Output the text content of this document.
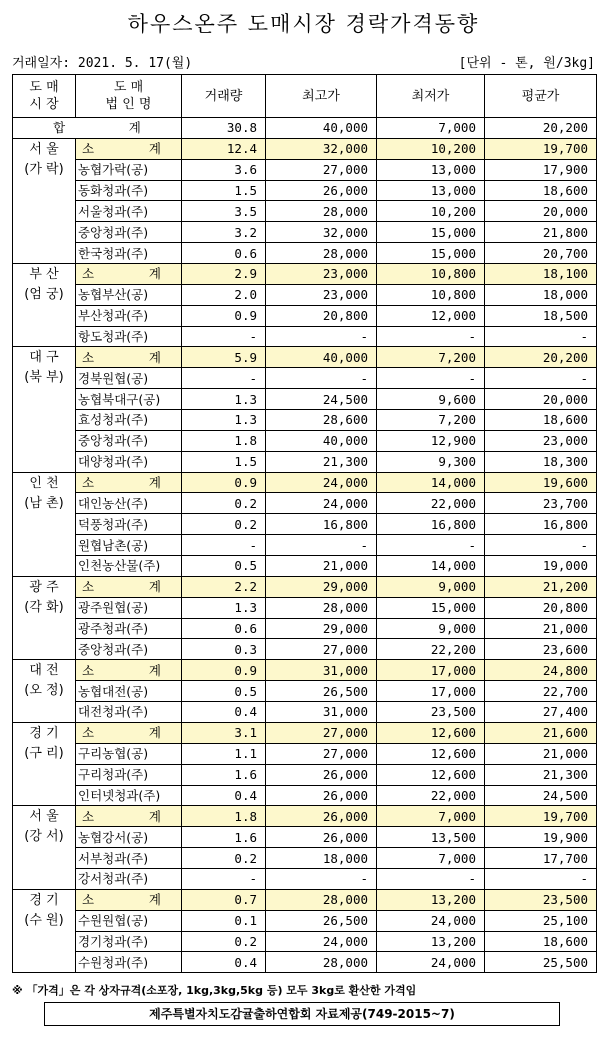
하우스온주 도매시장 경락가격동향
거래일자: 2021. 5. 17(월)	[단위 - 톤, 원/3kg]
도 매
시 장	도 매
법 인 명	거래량	최고가	최저가	평균가
합                계		30.8	40,000	7,000	20,200
서 울
(가 락)	소 계	12.4	32,000	10,200	19,700
	농협가락(공)	3.6	27,000	13,000	17,900
	동화청과(주)	1.5	26,000	13,000	18,600
	서울청과(주)	3.5	28,000	10,200	20,000
	중앙청과(주)	3.2	32,000	15,000	21,800
	한국청과(주)	0.6	28,000	15,000	20,700
부 산
(엄 궁)	소 계	2.9	23,000	10,800	18,100
	농협부산(공)	2.0	23,000	10,800	18,000
	부산청과(주)	0.9	20,800	12,000	18,500
	항도청과(주)	-	-	-	-
대 구
(북 부)	소 계	5.9	40,000	7,200	20,200
	경북원협(공)	-	-	-	-
	농협북대구(공)	1.3	24,500	9,600	20,000
	효성청과(주)	1.3	28,600	7,200	18,600
	중앙청과(주)	1.8	40,000	12,900	23,000
	대양청과(주)	1.5	21,300	9,300	18,300
인 천
(남 촌)	소 계	0.9	24,000	14,000	19,600
	대인농산(주)	0.2	24,000	22,000	23,700
	덕풍청과(주)	0.2	16,800	16,800	16,800
	원협남촌(공)	-	-	-	-
	인천농산물(주)	0.5	21,000	14,000	19,000
광 주
(각 화)	소 계	2.2	29,000	9,000	21,200
	광주원협(공)	1.3	28,000	15,000	20,800
	광주청과(주)	0.6	29,000	9,000	21,000
	중앙청과(주)	0.3	27,000	22,200	23,600
대 전
(오 정)	소 계	0.9	31,000	17,000	24,800
	농협대전(공)	0.5	26,500	17,000	22,700
	대전청과(주)	0.4	31,000	23,500	27,400
경 기
(구 리)	소 계	3.1	27,000	12,600	21,600
	구리농협(공)	1.1	27,000	12,600	21,000
	구리청과(주)	1.6	26,000	12,600	21,300
	인터넷청과(주)	0.4	26,000	22,000	24,500
서 울
(강 서)	소 계	1.8	26,000	7,000	19,700
	농협강서(공)	1.6	26,000	13,500	19,900
	서부청과(주)	0.2	18,000	7,000	17,700
	강서청과(주)	-	-	-	-
경 기
(수 원)	소 계	0.7	28,000	13,200	23,500
	수원원협(공)	0.1	26,500	24,000	25,100
	경기청과(주)	0.2	24,000	13,200	18,600
	수원청과(주)	0.4	28,000	24,000	25,500
※ 「가격」은 각 상자규격(소포장, 1kg,3kg,5kg 등) 모두 3kg로 환산한 가격임
제주특별자치도감귤출하연합회 자료제공(749-2015~7)
